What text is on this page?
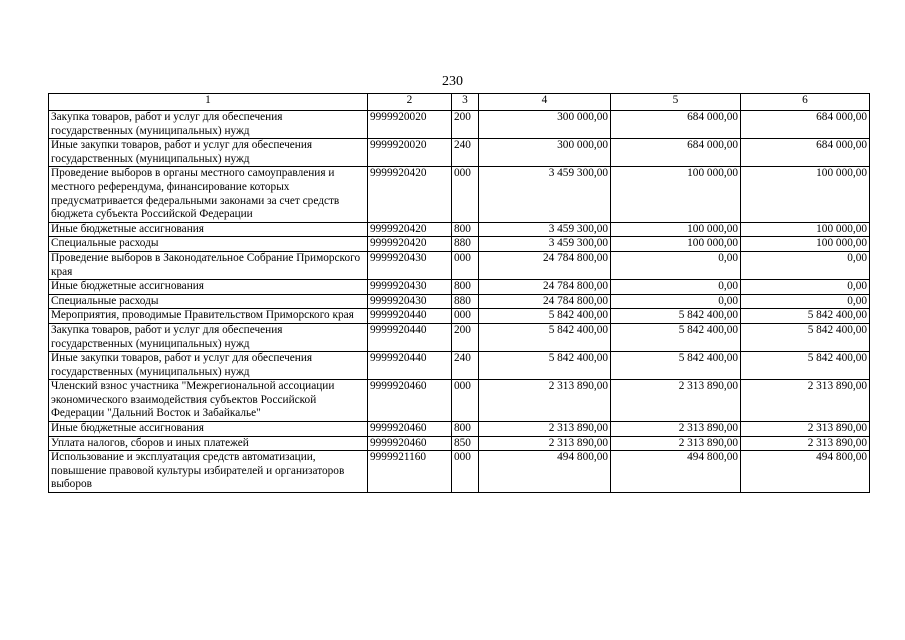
230
1	2	3	4	5	6
Закупка товаров, работ и услуг для обеспечения государственных (муниципальных) нужд	9999920020	200	300 000,00	684 000,00	684 000,00
Иные закупки товаров, работ и услуг для обеспечения государственных (муниципальных) нужд	9999920020	240	300 000,00	684 000,00	684 000,00
Проведение выборов в органы местного самоуправления и местного референдума, финансирование которых предусматривается федеральными законами за счет средств бюджета субъекта Российской Федерации	9999920420	000	3 459 300,00	100 000,00	100 000,00
Иные бюджетные ассигнования	9999920420	800	3 459 300,00	100 000,00	100 000,00
Специальные расходы	9999920420	880	3 459 300,00	100 000,00	100 000,00
Проведение выборов в Законодательное Собрание Приморского края	9999920430	000	24 784 800,00	0,00	0,00
Иные бюджетные ассигнования	9999920430	800	24 784 800,00	0,00	0,00
Специальные расходы	9999920430	880	24 784 800,00	0,00	0,00
Мероприятия, проводимые Правительством Приморского края	9999920440	000	5 842 400,00	5 842 400,00	5 842 400,00
Закупка товаров, работ и услуг для обеспечения государственных (муниципальных) нужд	9999920440	200	5 842 400,00	5 842 400,00	5 842 400,00
Иные закупки товаров, работ и услуг для обеспечения государственных (муниципальных) нужд	9999920440	240	5 842 400,00	5 842 400,00	5 842 400,00
Членский взнос участника "Межрегиональной ассоциации экономического взаимодействия субъектов Российской Федерации "Дальний Восток и Забайкалье"	9999920460	000	2 313 890,00	2 313 890,00	2 313 890,00
Иные бюджетные ассигнования	9999920460	800	2 313 890,00	2 313 890,00	2 313 890,00
Уплата налогов, сборов и иных платежей	9999920460	850	2 313 890,00	2 313 890,00	2 313 890,00
Использование и эксплуатация средств автоматизации, повышение правовой культуры избирателей и организаторов выборов	9999921160	000	494 800,00	494 800,00	494 800,00
